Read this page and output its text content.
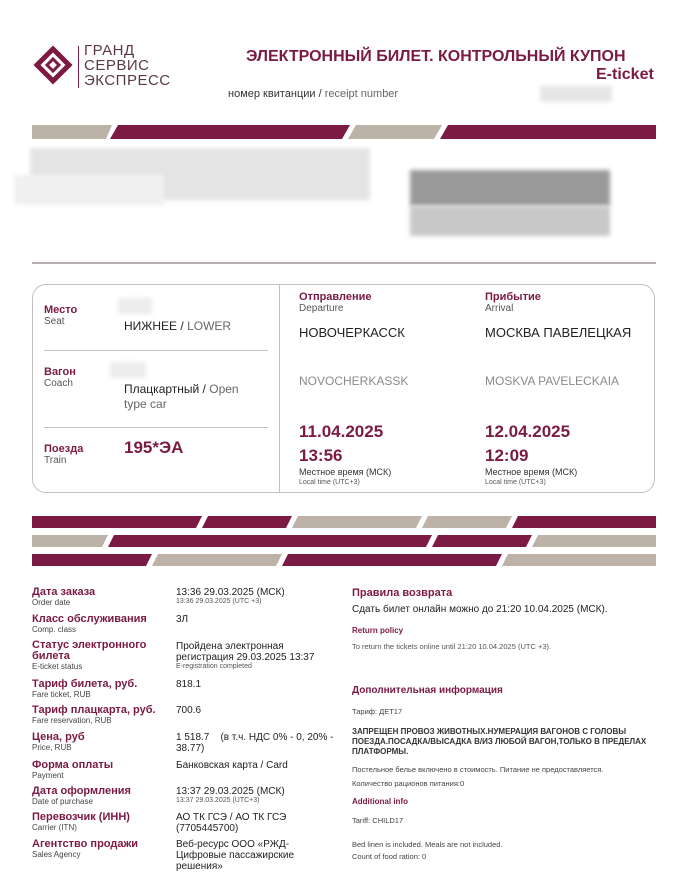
ГРАНД
СЕРВИС
ЭКСПРЕСС
ЭЛЕКТРОННЫЙ БИЛЕТ. КОНТРОЛЬНЫЙ КУПОН
E-ticket
номер квитанции / receipt number
Место
Seat	НИЖНЕЕ / LOWER
Вагон
Coach	Плацкартный / Open type car
Поезда
Train
195*ЭА
Отправление
Departure
НОВОЧЕРКАССК
NOVOCHERKASSK
11.04.2025
13:56
Местное время (МСК)
Local time (UTC+3)
Прибытие
Arrival
МОСКВА ПАВЕЛЕЦКАЯ
MOSKVA PAVELECKAIA
12.04.2025
12:09
Местное время (МСК)
Local time (UTC+3)
Дата заказа
Order date
13:36 29.03.2025 (МСК)
13:36 29.03.2025 (UTC +3)
Класс обслуживания
Comp. class
3Л
Статус электронного билета
E-ticket status
Пройдена электронная регистрация 29.03.2025 13:37
E-registration completed
Тариф билета, руб.
Fare ticket, RUB
818.1
Тариф плацкарта, руб.
Fare reservation, RUB
700.6
Цена, руб
Price, RUB
1 518.7    (в т.ч. НДС 0% - 0, 20% - 38.77)
Форма оплаты
Payment
Банковская карта / Card
Дата оформления
Date of purchase
13:37 29.03.2025 (МСК)
13:37 29.03.2025 (UTC+3)
Перевозчик (ИНН)
Carrier (ITN)
АО ТК ГСЭ / АО ТК ГСЭ (7705445700)
Агентство продажи
Sales Agency
Веб-ресурс ООО «РЖД-Цифровые пассажирские решения»
Правила возврата
Сдать билет онлайн можно до 21:20 10.04.2025 (МСК).
Return policy
To return the tickets online until 21:20 10.04.2025 (UTC +3).
Дополнительная информация
Тариф: ДЕТ17
ЗАПРЕЩЕН ПРОВОЗ ЖИВОТНЫХ.НУМЕРАЦИЯ ВАГОНОВ С ГОЛОВЫ ПОЕЗДА.ПОСАДКА/ВЫСАДКА В/ИЗ ЛЮБОЙ ВАГОН,ТОЛЬКО В ПРЕДЕЛАХ ПЛАТФОРМЫ.
Постельное белье включено в стоимость. Питание не предоставляется.
Количество рационов питания:0
Additional info
Tariff: CHILD17
Bed linen is included. Meals are not included.
Count of food ration: 0
